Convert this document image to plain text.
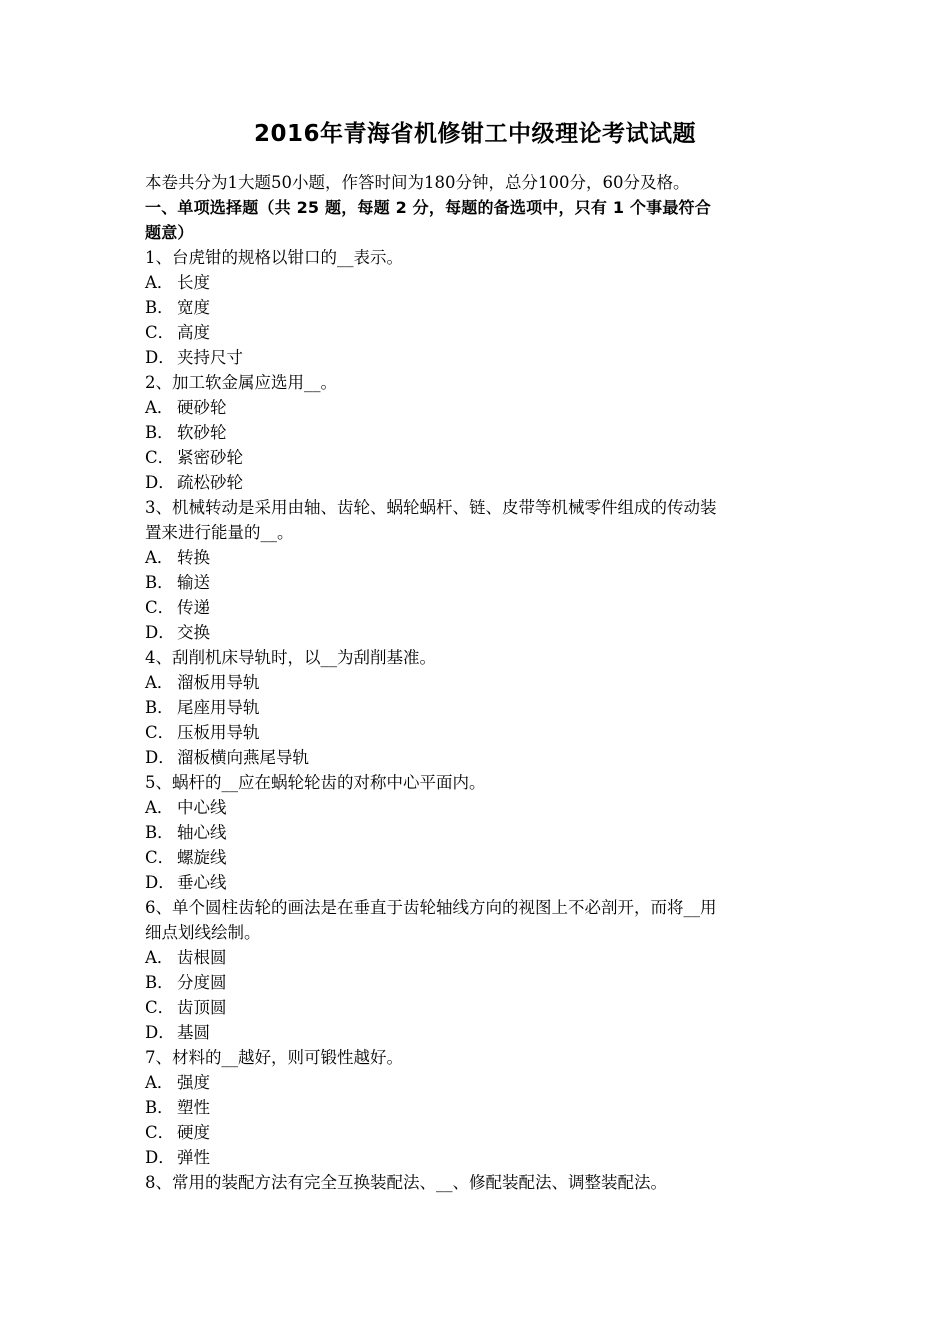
2016年青海省机修钳工中级理论考试试题
本卷共分为1大题50小题，作答时间为180分钟，总分100分，60分及格。
一、单项选择题（共 25 题，每题 2 分，每题的备选项中，只有 1 个事最符合
题意）
1、台虎钳的规格以钳口的__表示。
A． 长度
B． 宽度
C． 高度
D． 夹持尺寸
2、加工软金属应选用__。
A． 硬砂轮
B． 软砂轮
C． 紧密砂轮
D． 疏松砂轮
3、机械转动是采用由轴、齿轮、蜗轮蜗杆、链、皮带等机械零件组成的传动装
置来进行能量的__。
A． 转换
B． 输送
C． 传递
D． 交换
4、刮削机床导轨时，以__为刮削基准。
A． 溜板用导轨
B． 尾座用导轨
C． 压板用导轨
D． 溜板横向燕尾导轨
5、蜗杆的__应在蜗轮轮齿的对称中心平面内。
A． 中心线
B． 轴心线
C． 螺旋线
D． 垂心线
6、单个圆柱齿轮的画法是在垂直于齿轮轴线方向的视图上不必剖开，而将__用
细点划线绘制。
A． 齿根圆
B． 分度圆
C． 齿顶圆
D． 基圆
7、材料的__越好，则可锻性越好。
A． 强度
B． 塑性
C． 硬度
D． 弹性
8、常用的装配方法有完全互换装配法、__、修配装配法、调整装配法。
